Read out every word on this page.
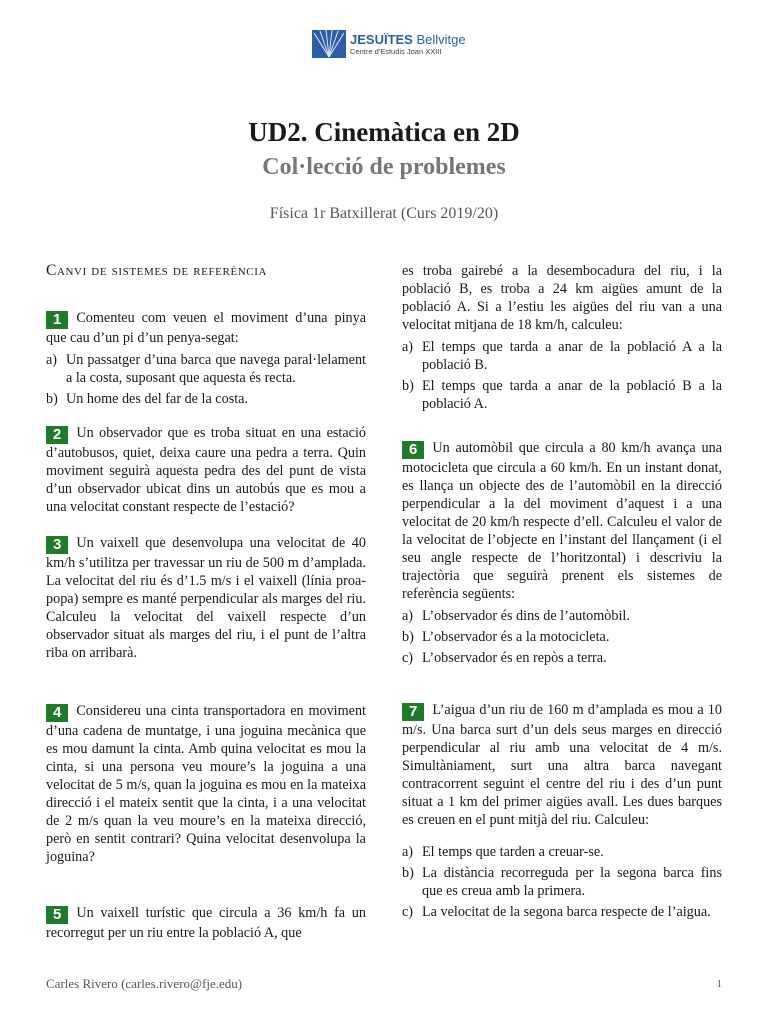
JESUÏTES Bellvitge
Centre d'Estudis Joan XXIII
UD2. Cinemàtica en 2D
Col·lecció de problemes
Física 1r Batxillerat (Curs 2019/20)
Canvi de sistemes de referència
1 Comenteu com veuen el moviment d’una pinya que cau d’un pi d’un penya-segat:
a) Un passatger d’una barca que navega paral·lelament a la costa, suposant que aquesta és recta.
b) Un home des del far de la costa.
2 Un observador que es troba situat en una estació d’autobusos, quiet, deixa caure una pedra a terra. Quin moviment seguirà aquesta pedra des del punt de vista d’un observador ubicat dins un autobús que es mou a una velocitat constant respecte de l’estació?
3 Un vaixell que desenvolupa una velocitat de 40 km/h s’utilitza per travessar un riu de 500 m d’amplada. La velocitat del riu és d’1.5 m/s i el vaixell (línia proa-popa) sempre es manté perpendicular als marges del riu. Calculeu la velocitat del vaixell respecte d’un observador situat als marges del riu, i el punt de l’altra riba on arribarà.
4 Considereu una cinta transportadora en moviment d’una cadena de muntatge, i una joguina mecànica que es mou damunt la cinta. Amb quina velocitat es mou la cinta, si una persona veu moure’s la joguina a una velocitat de 5 m/s, quan la joguina es mou en la mateixa direcció i el mateix sentit que la cinta, i a una velocitat de 2 m/s quan la veu moure’s en la mateixa direcció, però en sentit contrari? Quina velocitat desenvolupa la joguina?
5 Un vaixell turístic que circula a 36 km/h fa un recorregut per un riu entre la població A, que
es troba gairebé a la desembocadura del riu, i la població B, es troba a 24 km aigües amunt de la població A. Si a l’estiu les aigües del riu van a una velocitat mitjana de 18 km/h, calculeu:
a) El temps que tarda a anar de la població A a la població B.
b) El temps que tarda a anar de la població B a la població A.
6 Un automòbil que circula a 80 km/h avança una motocicleta que circula a 60 km/h. En un instant donat, es llança un objecte des de l’automòbil en la direcció perpendicular a la del moviment d’aquest i a una velocitat de 20 km/h respecte d’ell. Calculeu el valor de la velocitat de l’objecte en l’instant del llançament (i el seu angle respecte de l’horitzontal) i descriviu la trajectòria que seguirà prenent els sistemes de referència següents:
a) L’observador és dins de l’automòbil.
b) L’observador és a la motocicleta.
c) L’observador és en repòs a terra.
7 L’aigua d’un riu de 160 m d’amplada es mou a 10 m/s. Una barca surt d’un dels seus marges en direcció perpendicular al riu amb una velocitat de 4 m/s. Simultàniament, surt una altra barca navegant contracorrent seguint el centre del riu i des d’un punt situat a 1 km del primer aigües avall. Les dues barques es creuen en el punt mitjà del riu. Calculeu:
a) El temps que tarden a creuar-se.
b) La distància recorreguda per la segona barca fins que es creua amb la primera.
c) La velocitat de la segona barca respecte de l’aigua.
Carles Rivero (carles.rivero@fje.edu)	1
